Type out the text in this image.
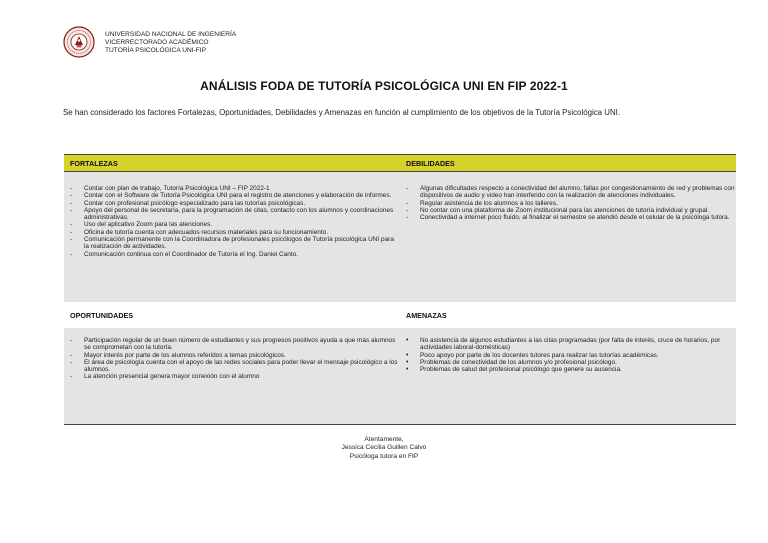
UNIVERSIDAD NACIONAL DE INGENIERÍA
VICERRECTORADO ACADÉMICO
TUTORÍA PSICOLÓGICA UNI-FIP
ANÁLISIS FODA DE TUTORÍA PSICOLÓGICA UNI EN FIP 2022-1
Se han considerado los factores Fortalezas, Oportunidades, Debilidades y Amenazas en función al cumplimiento de los objetivos de la Tutoría Psicológica UNI.
FORTALEZAS	DEBILIDADES
- Contar con plan de trabajo, Tutoría Psicológica UNI – FIP 2022-1
- Contar con el Software de Tutoría Psicológica UNI para el registro de atenciones y elaboración de informes.
- Contar con profesional psicólogo especializado para las tutorías psicológicas.
- Apoyo del personal de secretaría, para la programación de citas, contacto con los alumnos y coordinaciones administrativas.
- Uso del aplicativo Zoom para las atenciones.
- Oficina de tutoría cuenta con adecuados recursos materiales para su funcionamiento.
- Comunicación permanente con la Coordinadora de profesionales psicólogos de Tutoría psicológica UNI para la realización de actividades.
- Comunicación continua con el Coordinador de Tutoría el Ing. Daniel Canto.
- Algunas dificultades respecto a conectividad del alumno, fallas por congestionamiento de red y problemas con dispositivos de audio y video han interferido con la realización de atenciones individuales.
- Regular asistencia de los alumnos a los talleres.
- No contar con una plataforma de Zoom institucional para las atenciones de tutoría individual y grupal.
- Conectividad a internet poco fluido, al finalizar el semestre se atendió desde el celular de la psicóloga tutora.
OPORTUNIDADES	AMENAZAS
- Participación regular de un buen número de estudiantes y sus progresos positivos ayuda a que más alumnos se comprometan con la tutoría.
- Mayor interés por parte de los alumnos referidos a temas psicológicos.
- El área de psicología cuenta con el apoyo de las redes sociales para poder llevar el mensaje psicológico a los alumnos.
- La atención presencial genera mayor conexión con el alumno
• No asistencia de algunos estudiantes a las citas programadas (por falta de interés, cruce de horarios, por actividades laboral-domésticas)
• Poco apoyo por parte de los docentes tutores para realizar las tutorías académicas.
• Problemas de conectividad de los alumnos y/o profesional psicólogo.
• Problemas de salud del profesional psicólogo que genere su ausencia.
Atentamente,
Jessica Cecilia Guillen Calvo
Psicóloga tutora en FIP
